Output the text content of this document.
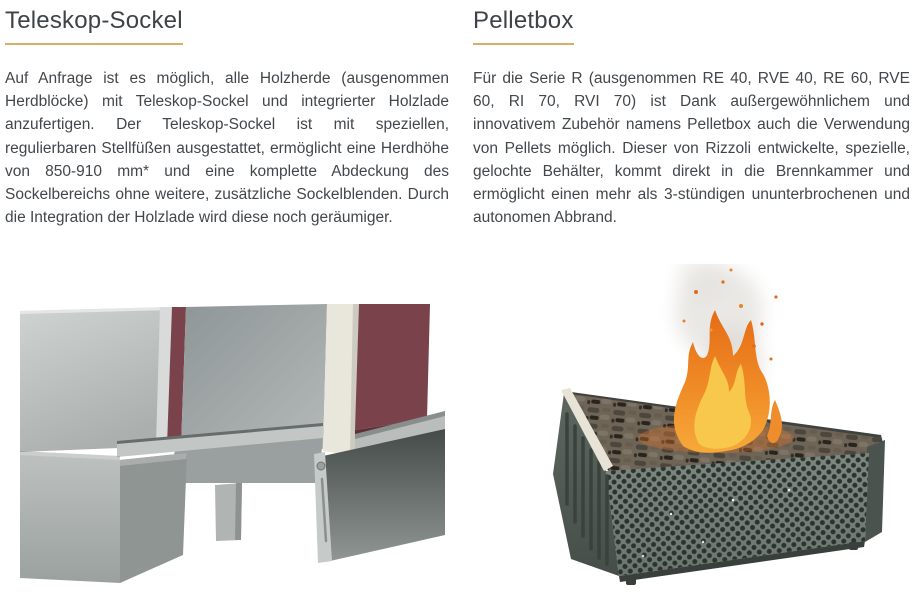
Teleskop-Sockel

Auf Anfrage ist es möglich, alle Holzherde (ausgenommen Herdblöcke) mit Teleskop-Sockel und integrierter Holzlade anzufertigen. Der Teleskop-Sockel ist mit speziellen, regulierbaren Stellfüßen ausgestattet, ermöglicht eine Herdhöhe von 850-910 mm* und eine komplette Abdeckung des Sockelbereichs ohne weitere, zusätzliche Sockelblenden. Durch die Integration der Holzlade wird diese noch geräumiger.

Pelletbox

Für die Serie R (ausgenommen RE 40, RVE 40, RE 60, RVE 60, RI 70, RVI 70) ist Dank außergewöhnlichem und innovativem Zubehör namens Pelletbox auch die Verwendung von Pellets möglich. Dieser von Rizzoli entwickelte, spezielle, gelochte Behälter, kommt direkt in die Brennkammer und ermöglicht einen mehr als 3-stündigen ununterbrochenen und autonomen Abbrand.
